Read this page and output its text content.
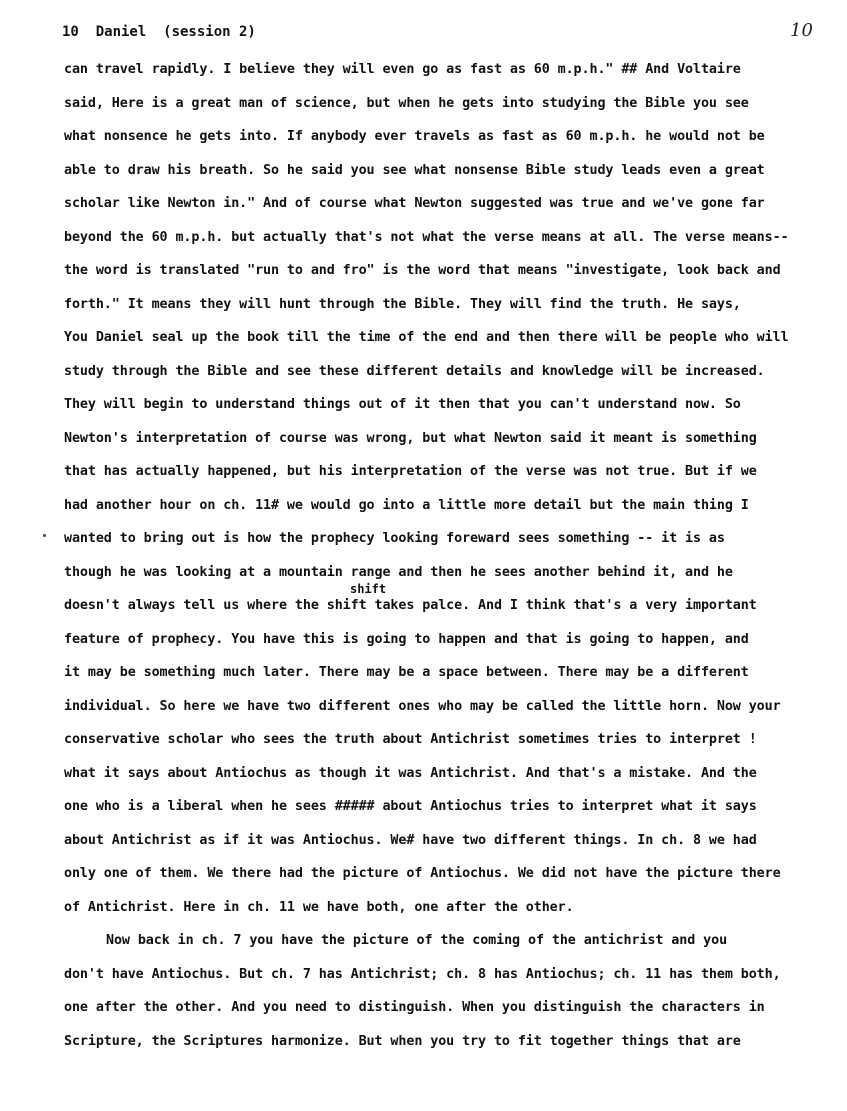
10  Daniel  (session 2)	10
shift
can travel rapidly. I believe they will even go as fast as 60 m.p.h." ## And Voltaire
said, Here is a great man of science, but when he gets into studying the Bible you see
what nonsence he gets into. If anybody ever travels as fast as 60 m.p.h. he would not be
able to draw his breath. So he said you see what nonsense Bible study leads even a great
scholar like Newton in." And of course what Newton suggested was true and we've gone far
beyond the 60 m.p.h. but actually that's not what the verse means at all. The verse means--
the word is translated "run to and fro" is the word that means "investigate, look back and
forth." It means they will hunt through the Bible. They will find the truth. He says,
You Daniel seal up the book till the time of the end and then there will be people who will
study through the Bible and see these different details and knowledge will be increased.
They will begin to understand things out of it then that you can't understand now. So
Newton's interpretation of course was wrong, but what Newton said it meant is something
that has actually happened, but his interpretation of the verse was not true. But if we
had another hour on ch. 11# we would go into a little more detail but the main thing I
wanted to bring out is how the prophecy looking foreward sees something -- it is as
though he was looking at a mountain range and then he sees another behind it, and he
doesn't always tell us where the shift takes palce. And I think that's a very important
feature of prophecy. You have this is going to happen and that is going to happen, and
it may be something much later. There may be a space between. There may be a different
individual. So here we have two different ones who may be called the little horn. Now your
conservative scholar who sees the truth about Antichrist sometimes tries to interpret !
what it says about Antiochus as though it was Antichrist. And that's a mistake. And the
one who is a liberal when he sees ##### about Antiochus tries to interpret what it says
about Antichrist as if it was Antiochus. We# have two different things. In ch. 8 we had
only one of them. We there had the picture of Antiochus. We did not have the picture there
of Antichrist. Here in ch. 11 we have both, one after the other.
Now back in ch. 7 you have the picture of the coming of the antichrist and you
don't have Antiochus. But ch. 7 has Antichrist; ch. 8 has Antiochus; ch. 11 has them both,
one after the other. And you need to distinguish. When you distinguish the characters in
Scripture, the Scriptures harmonize. But when you try to fit together things that are
